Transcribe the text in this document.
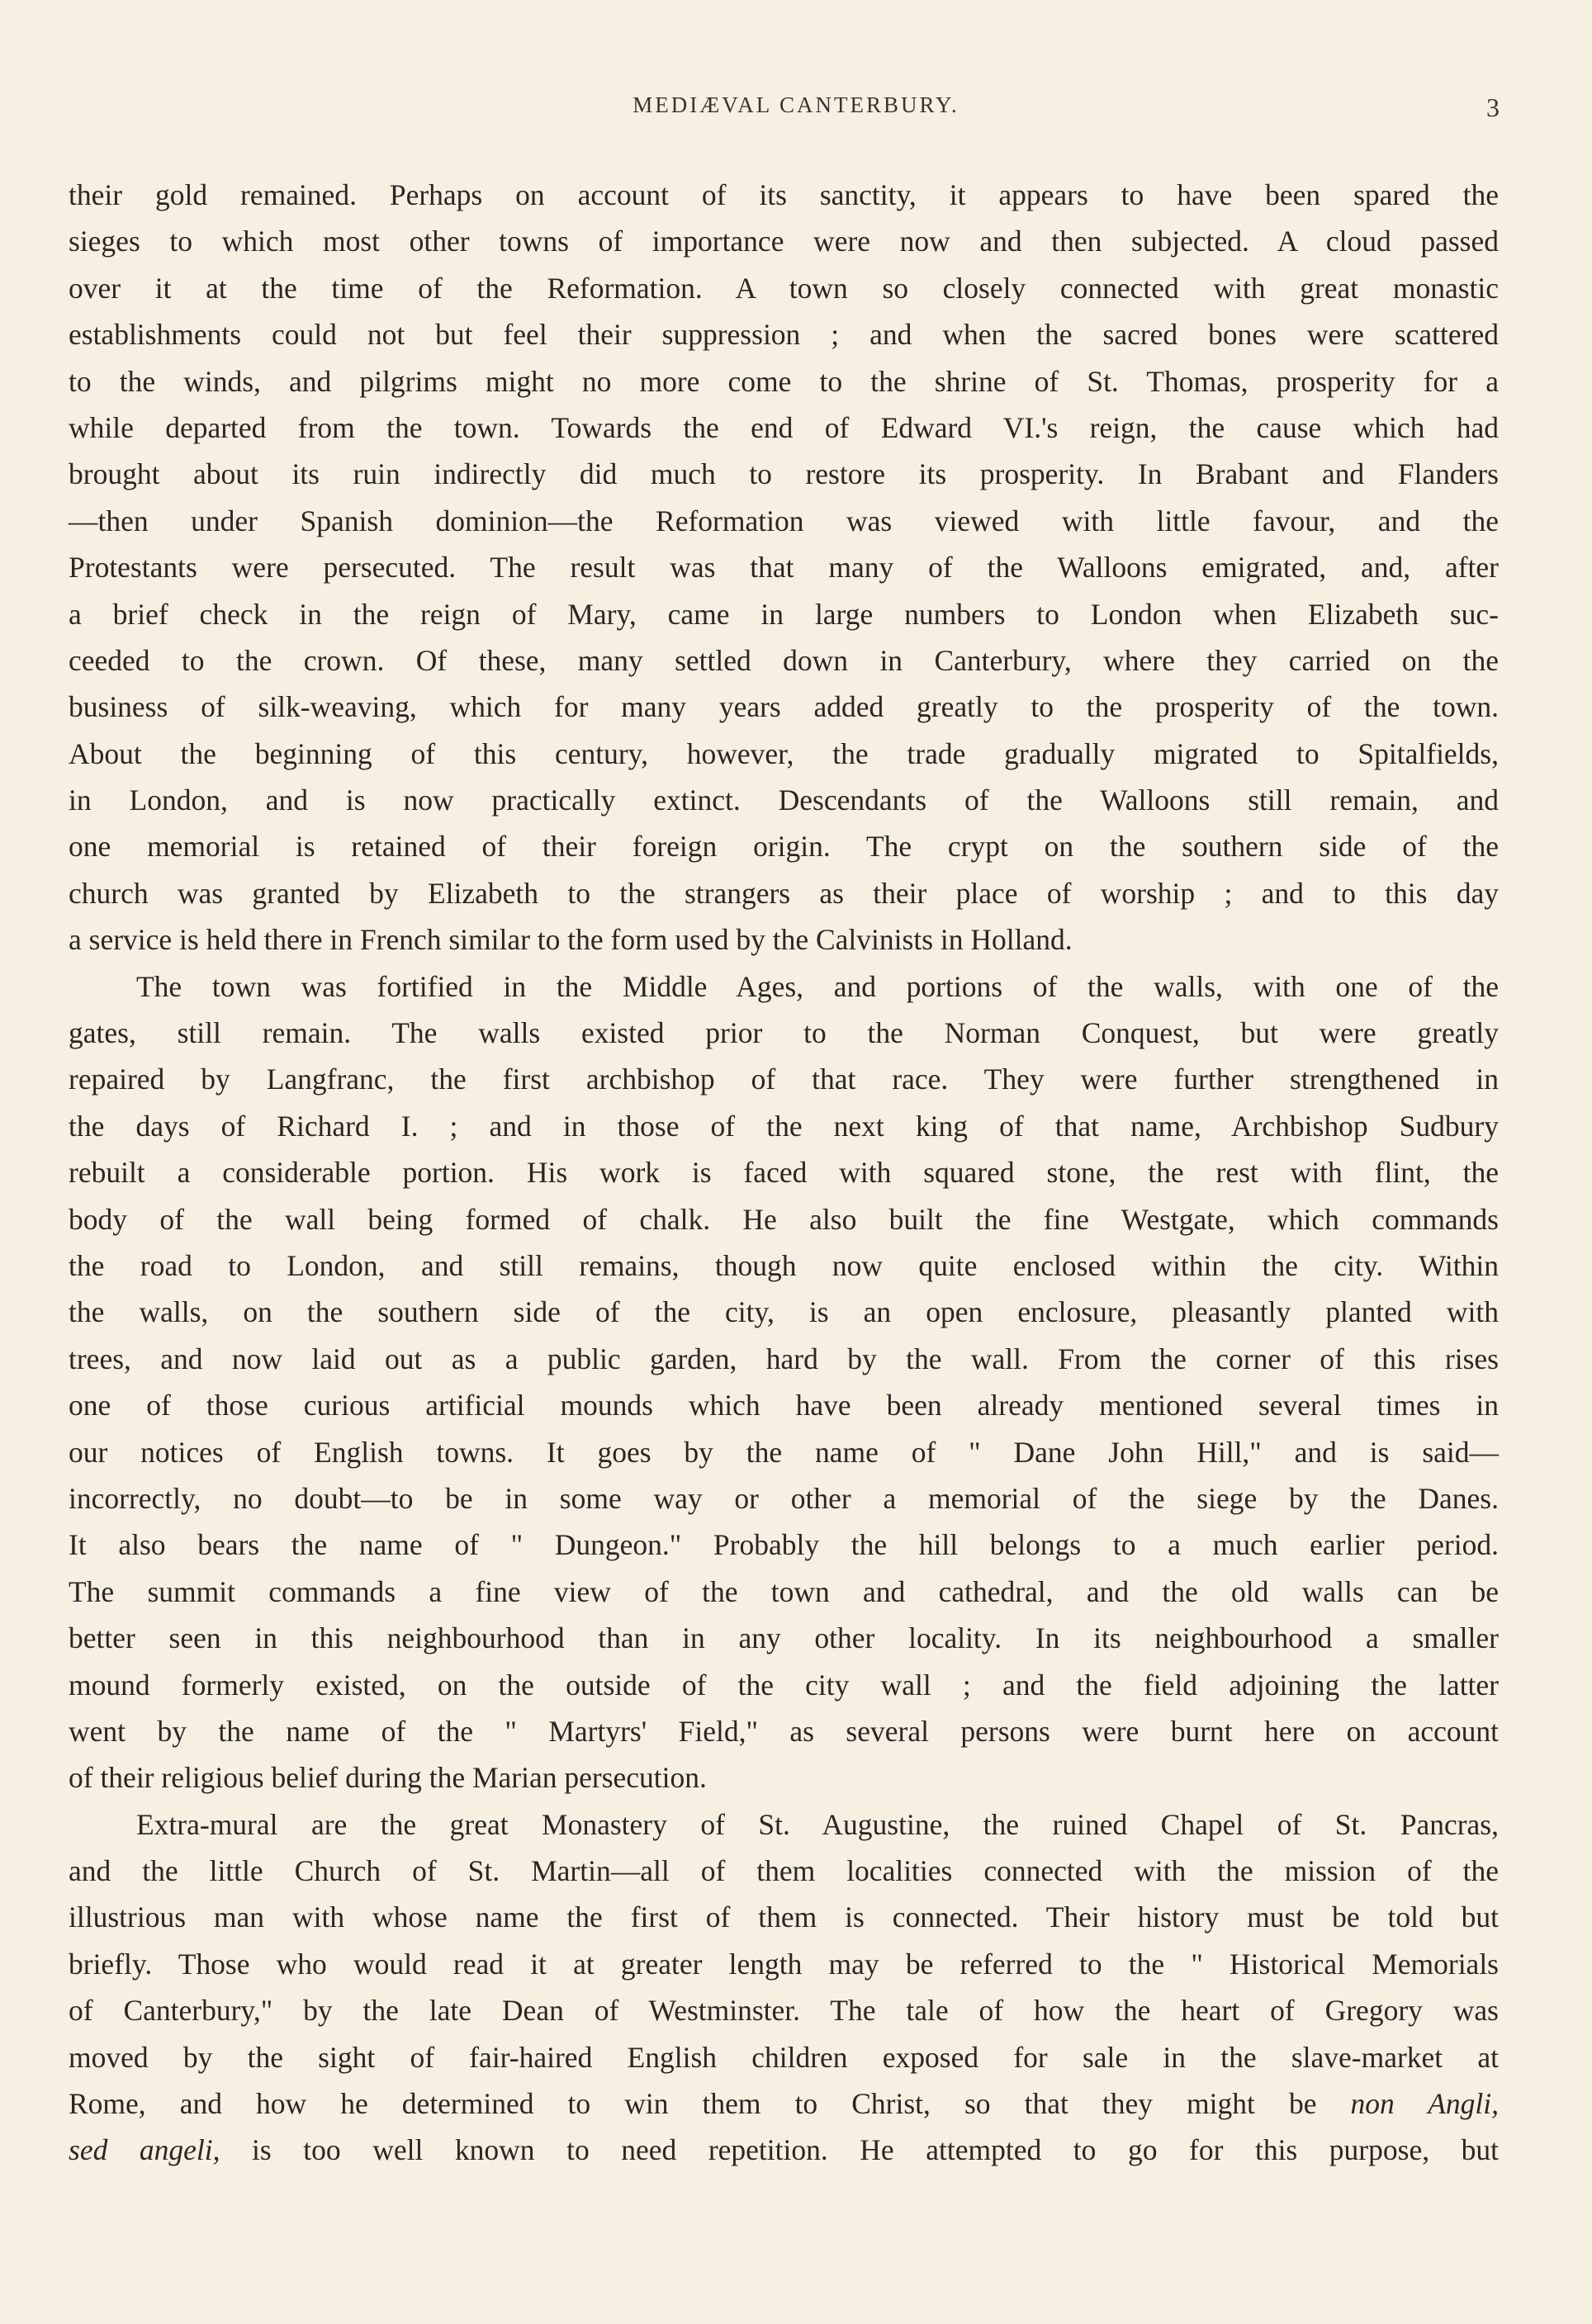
MEDIÆVAL CANTERBURY.	3

their gold remained. Perhaps on account of its sanctity, it appears to have been spared the
sieges to which most other towns of importance were now and then subjected. A cloud passed
over it at the time of the Reformation. A town so closely connected with great monastic
establishments could not but feel their suppression ; and when the sacred bones were scattered
to the winds, and pilgrims might no more come to the shrine of St. Thomas, prosperity for a
while departed from the town. Towards the end of Edward VI.'s reign, the cause which had
brought about its ruin indirectly did much to restore its prosperity. In Brabant and Flanders
—then under Spanish dominion—the Reformation was viewed with little favour, and the
Protestants were persecuted. The result was that many of the Walloons emigrated, and, after
a brief check in the reign of Mary, came in large numbers to London when Elizabeth suc-
ceeded to the crown. Of these, many settled down in Canterbury, where they carried on the
business of silk-weaving, which for many years added greatly to the prosperity of the town.
About the beginning of this century, however, the trade gradually migrated to Spitalfields,
in London, and is now practically extinct. Descendants of the Walloons still remain, and
one memorial is retained of their foreign origin. The crypt on the southern side of the
church was granted by Elizabeth to the strangers as their place of worship ; and to this day
a service is held there in French similar to the form used by the Calvinists in Holland.

The town was fortified in the Middle Ages, and portions of the walls, with one of the
gates, still remain. The walls existed prior to the Norman Conquest, but were greatly
repaired by Langfranc, the first archbishop of that race. They were further strengthened in
the days of Richard I. ; and in those of the next king of that name, Archbishop Sudbury
rebuilt a considerable portion. His work is faced with squared stone, the rest with flint, the
body of the wall being formed of chalk. He also built the fine Westgate, which commands
the road to London, and still remains, though now quite enclosed within the city. Within
the walls, on the southern side of the city, is an open enclosure, pleasantly planted with
trees, and now laid out as a public garden, hard by the wall. From the corner of this rises
one of those curious artificial mounds which have been already mentioned several times in
our notices of English towns. It goes by the name of " Dane John Hill," and is said—
incorrectly, no doubt—to be in some way or other a memorial of the siege by the Danes.
It also bears the name of " Dungeon." Probably the hill belongs to a much earlier period.
The summit commands a fine view of the town and cathedral, and the old walls can be
better seen in this neighbourhood than in any other locality. In its neighbourhood a smaller
mound formerly existed, on the outside of the city wall ; and the field adjoining the latter
went by the name of the " Martyrs' Field," as several persons were burnt here on account
of their religious belief during the Marian persecution.

Extra-mural are the great Monastery of St. Augustine, the ruined Chapel of St. Pancras,
and the little Church of St. Martin—all of them localities connected with the mission of the
illustrious man with whose name the first of them is connected. Their history must be told but
briefly. Those who would read it at greater length may be referred to the " Historical Memorials
of Canterbury," by the late Dean of Westminster. The tale of how the heart of Gregory was
moved by the sight of fair-haired English children exposed for sale in the slave-market at
Rome, and how he determined to win them to Christ, so that they might be non Angli,
sed angeli, is too well known to need repetition. He attempted to go for this purpose, but
